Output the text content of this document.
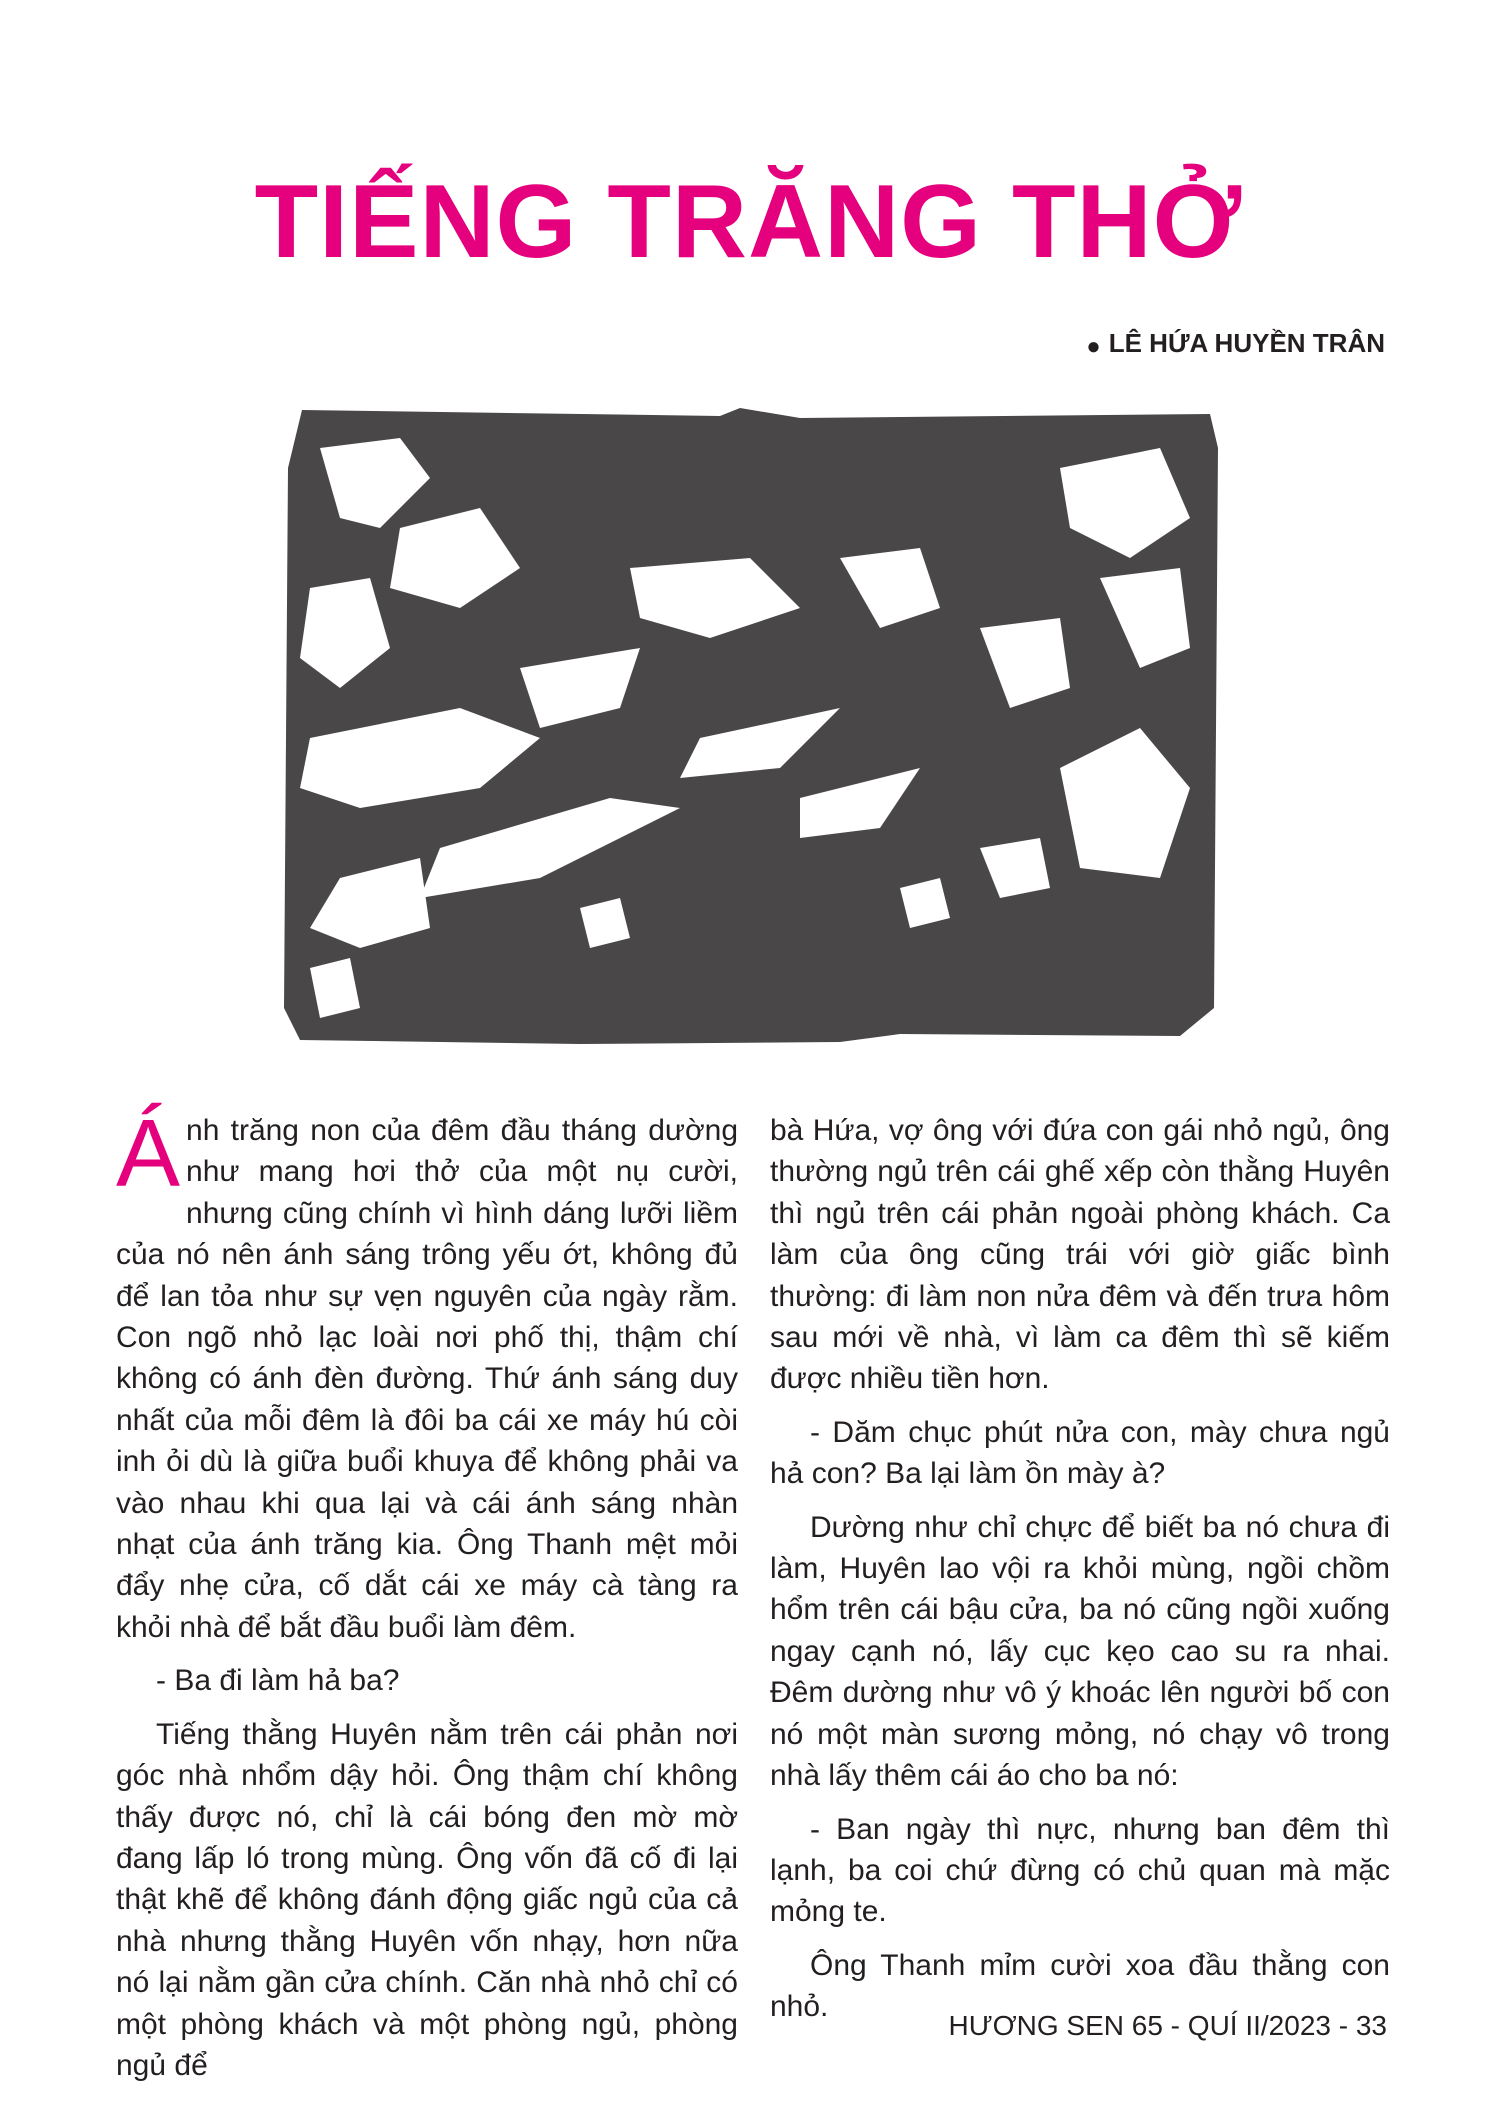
TIẾNG TRĂNG THỞ
● LÊ HỨA HUYỀN TRÂN

Ánh trăng non của đêm đầu tháng dường như mang hơi thở của một nụ cười, nhưng cũng chính vì hình dáng lưỡi liềm của nó nên ánh sáng trông yếu ớt, không đủ để lan tỏa như sự vẹn nguyên của ngày rằm. Con ngõ nhỏ lạc loài nơi phố thị, thậm chí không có ánh đèn đường. Thứ ánh sáng duy nhất của mỗi đêm là đôi ba cái xe máy hú còi inh ỏi dù là giữa buổi khuya để không phải va vào nhau khi qua lại và cái ánh sáng nhàn nhạt của ánh trăng kia. Ông Thanh mệt mỏi đẩy nhẹ cửa, cố dắt cái xe máy cà tàng ra khỏi nhà để bắt đầu buổi làm đêm.

- Ba đi làm hả ba?

Tiếng thằng Huyên nằm trên cái phản nơi góc nhà nhổm dậy hỏi. Ông thậm chí không thấy được nó, chỉ là cái bóng đen mờ mờ đang lấp ló trong mùng. Ông vốn đã cố đi lại thật khẽ để không đánh động giấc ngủ của cả nhà nhưng thằng Huyên vốn nhạy, hơn nữa nó lại nằm gần cửa chính. Căn nhà nhỏ chỉ có một phòng khách và một phòng ngủ, phòng ngủ để

bà Hứa, vợ ông với đứa con gái nhỏ ngủ, ông thường ngủ trên cái ghế xếp còn thằng Huyên thì ngủ trên cái phản ngoài phòng khách. Ca làm của ông cũng trái với giờ giấc bình thường: đi làm non nửa đêm và đến trưa hôm sau mới về nhà, vì làm ca đêm thì sẽ kiếm được nhiều tiền hơn.

- Dăm chục phút nửa con, mày chưa ngủ hả con? Ba lại làm ồn mày à?

Dường như chỉ chực để biết ba nó chưa đi làm, Huyên lao vội ra khỏi mùng, ngồi chồm hổm trên cái bậu cửa, ba nó cũng ngồi xuống ngay cạnh nó, lấy cục kẹo cao su ra nhai. Đêm dường như vô ý khoác lên người bố con nó một màn sương mỏng, nó chạy vô trong nhà lấy thêm cái áo cho ba nó:

- Ban ngày thì nực, nhưng ban đêm thì lạnh, ba coi chứ đừng có chủ quan mà mặc mỏng te.

Ông Thanh mỉm cười xoa đầu thằng con nhỏ.

HƯƠNG SEN 65 - QUÍ II/2023 - 33
